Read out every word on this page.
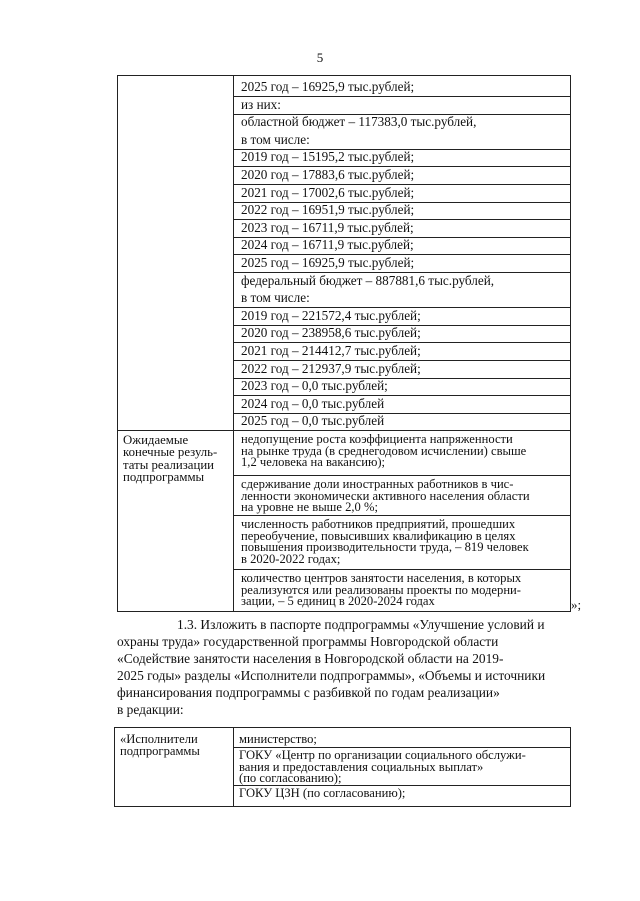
5
2025 год – 16925,9 тыс.рублей;
из них:
областной бюджет – 117383,0 тыс.рублей,
в том числе:
2019 год – 15195,2 тыс.рублей;
2020 год – 17883,6 тыс.рублей;
2021 год – 17002,6 тыс.рублей;
2022 год – 16951,9 тыс.рублей;
2023 год – 16711,9 тыс.рублей;
2024 год – 16711,9 тыс.рублей;
2025 год – 16925,9 тыс.рублей;
федеральный бюджет – 887881,6 тыс.рублей,
в том числе:
2019 год – 221572,4 тыс.рублей;
2020 год – 238958,6 тыс.рублей;
2021 год – 214412,7 тыс.рублей;
2022 год – 212937,9 тыс.рублей;
2023 год – 0,0 тыс.рублей;
2024 год – 0,0 тыс.рублей
2025 год – 0,0 тыс.рублей
Ожидаемые
конечные резуль-
таты реализации
подпрограммы
недопущение роста коэффициента напряженности
на рынке труда (в среднегодовом исчислении) свыше
1,2 человека на вакансию);
сдерживание доли иностранных работников в чис-
ленности экономически активного населения области
на уровне не выше 2,0 %;
численность работников предприятий, прошедших
переобучение, повысивших квалификацию в целях
повышения производительности труда, – 819 человек
в 2020-2022 годах;
количество центров занятости населения, в которых
реализуются или реализованы проекты по модерни-
зации, – 5 единиц в 2020-2024 годах	»;
«Исполнители
подпрограммы
министерство;
ГОКУ «Центр по организации социального обслужи-
вания и предоставления социальных выплат»
(по согласованию);
ГОКУ ЦЗН (по согласованию);
1.3. Изложить в паспорте подпрограммы «Улучшение условий и
охраны труда» государственной программы Новгородской области
«Содействие занятости населения в Новгородской области на 2019-
2025 годы» разделы «Исполнители подпрограммы», «Объемы и источники
финансирования подпрограммы с разбивкой по годам реализации»
в редакции:
